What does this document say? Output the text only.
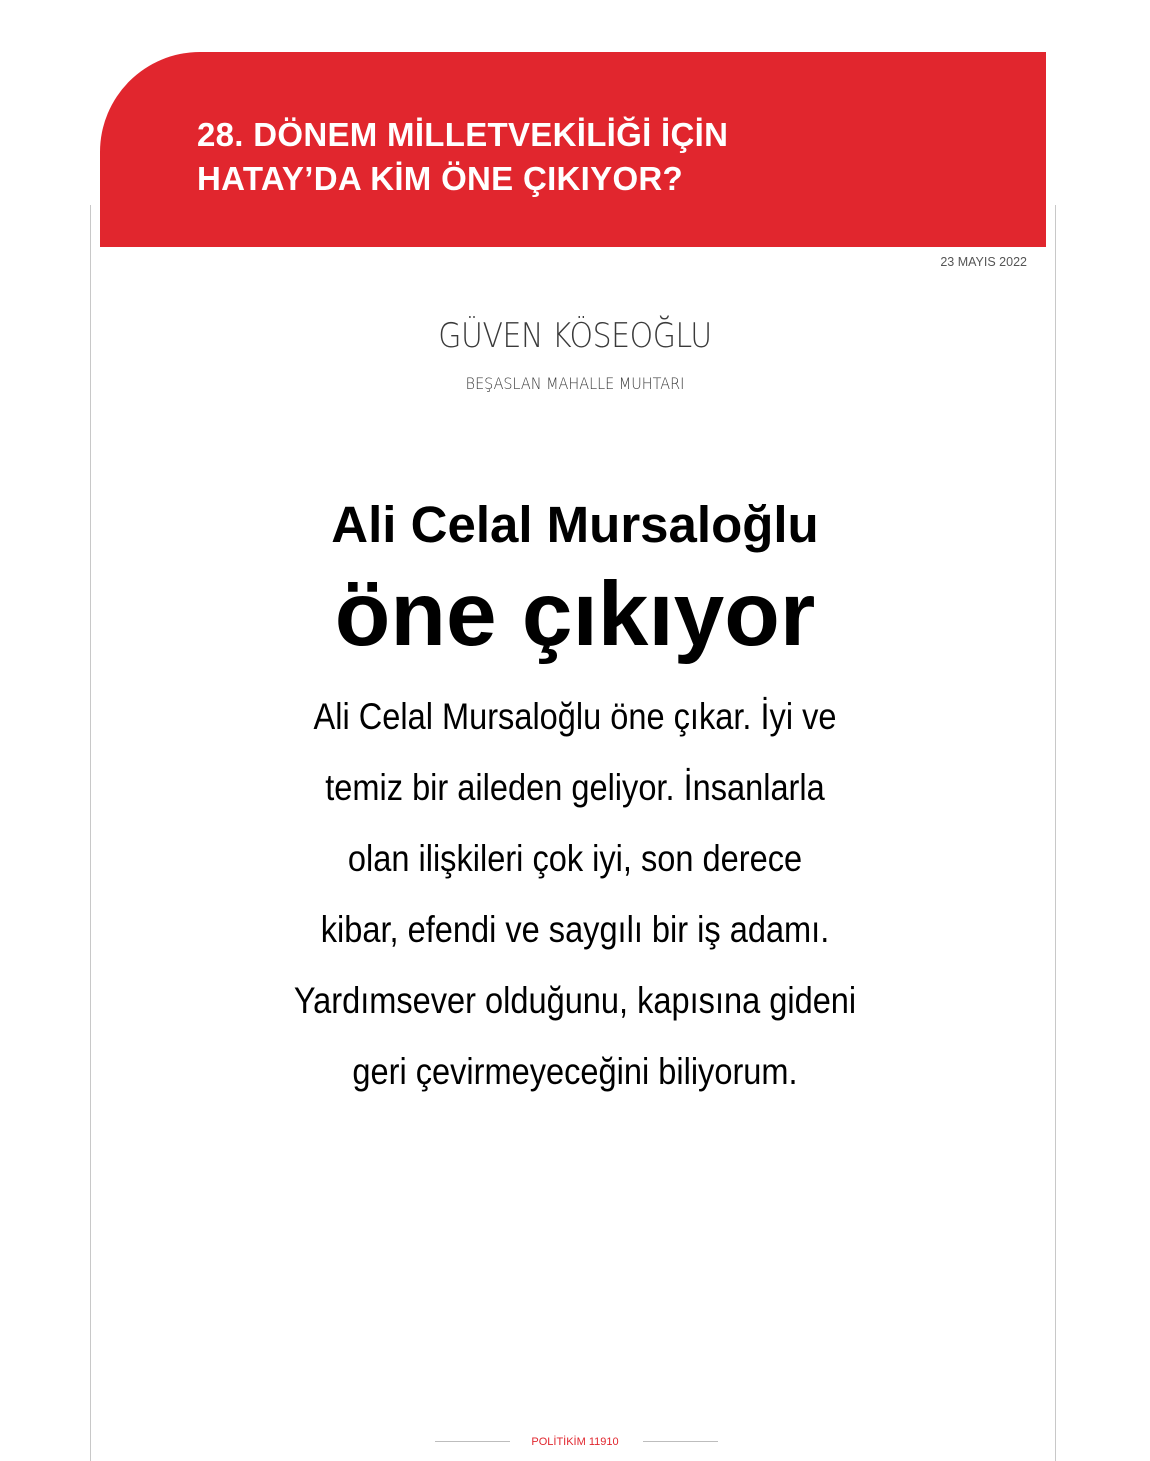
28. DÖNEM MİLLETVEKİLİĞİ İÇİN
HATAY’DA KİM ÖNE ÇIKIYOR?
23 MAYIS 2022
GÜVEN KÖSEOĞLU
BEŞASLAN MAHALLE MUHTARI
Ali Celal Mursaloğlu
öne çıkıyor

Ali Celal Mursaloğlu öne çıkar. İyi ve
temiz bir aileden geliyor. İnsanlarla
olan ilişkileri çok iyi, son derece
kibar, efendi ve saygılı bir iş adamı.
Yardımsever olduğunu, kapısına gideni
geri çevirmeyeceğini biliyorum.

POLİTİKİM 11910
